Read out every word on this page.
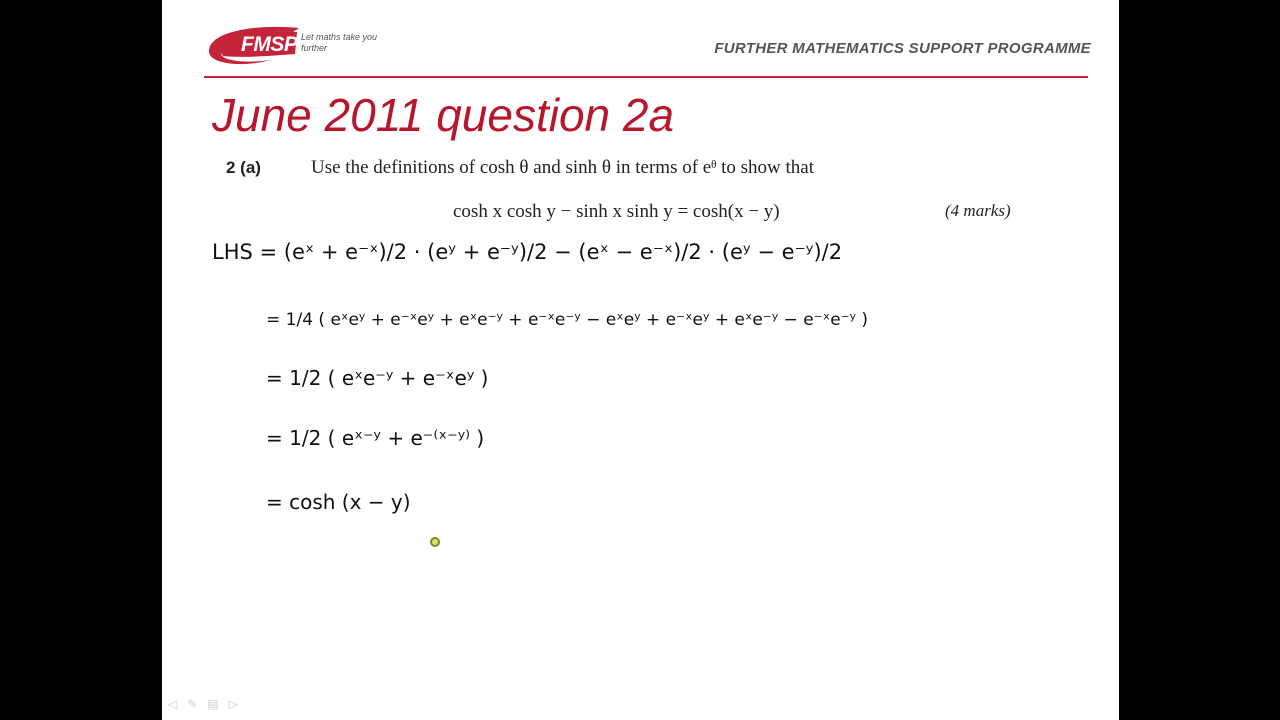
FMSP Let maths take you further	FURTHER MATHEMATICS SUPPORT PROGRAMME
June 2011 question 2a
2 (a)	Use the definitions of cosh θ and sinh θ in terms of eᶿ to show that
cosh x cosh y − sinh x sinh y = cosh(x − y)	(4 marks)
LHS = (eˣ + e⁻ˣ)/2 · (eʸ + e⁻ʸ)/2 − (eˣ − e⁻ˣ)/2 · (eʸ − e⁻ʸ)/2
= 1/4 ( eˣeʸ + e⁻ˣeʸ + eˣe⁻ʸ + e⁻ˣe⁻ʸ − eˣeʸ + e⁻ˣeʸ + eˣe⁻ʸ − e⁻ˣe⁻ʸ )
= 1/2 ( eˣe⁻ʸ + e⁻ˣeʸ )
= 1/2 ( eˣ⁻ʸ + e⁻⁽ˣ⁻ʸ⁾ )
= cosh (x − y)
◁ ✎ ▤ ▷
